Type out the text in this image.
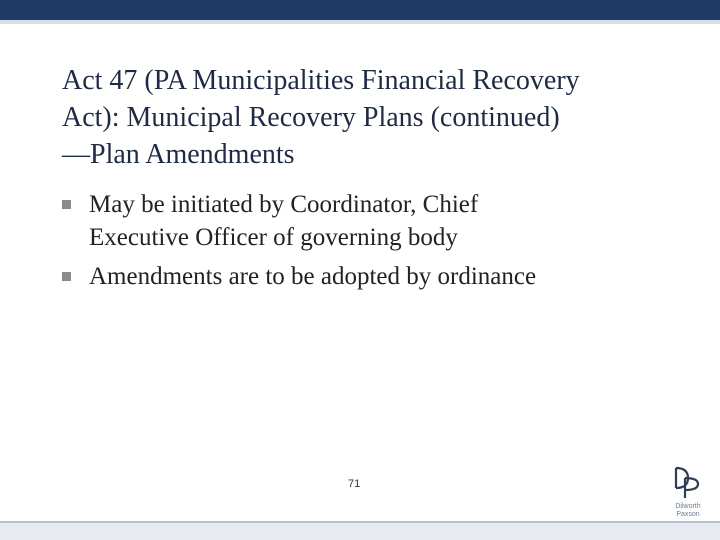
Act 47 (PA Municipalities Financial Recovery
Act): Municipal Recovery Plans (continued)
—Plan Amendments
May be initiated by Coordinator, Chief
Executive Officer of governing body
Amendments are to be adopted by ordinance
71
Dilworth
Paxson
